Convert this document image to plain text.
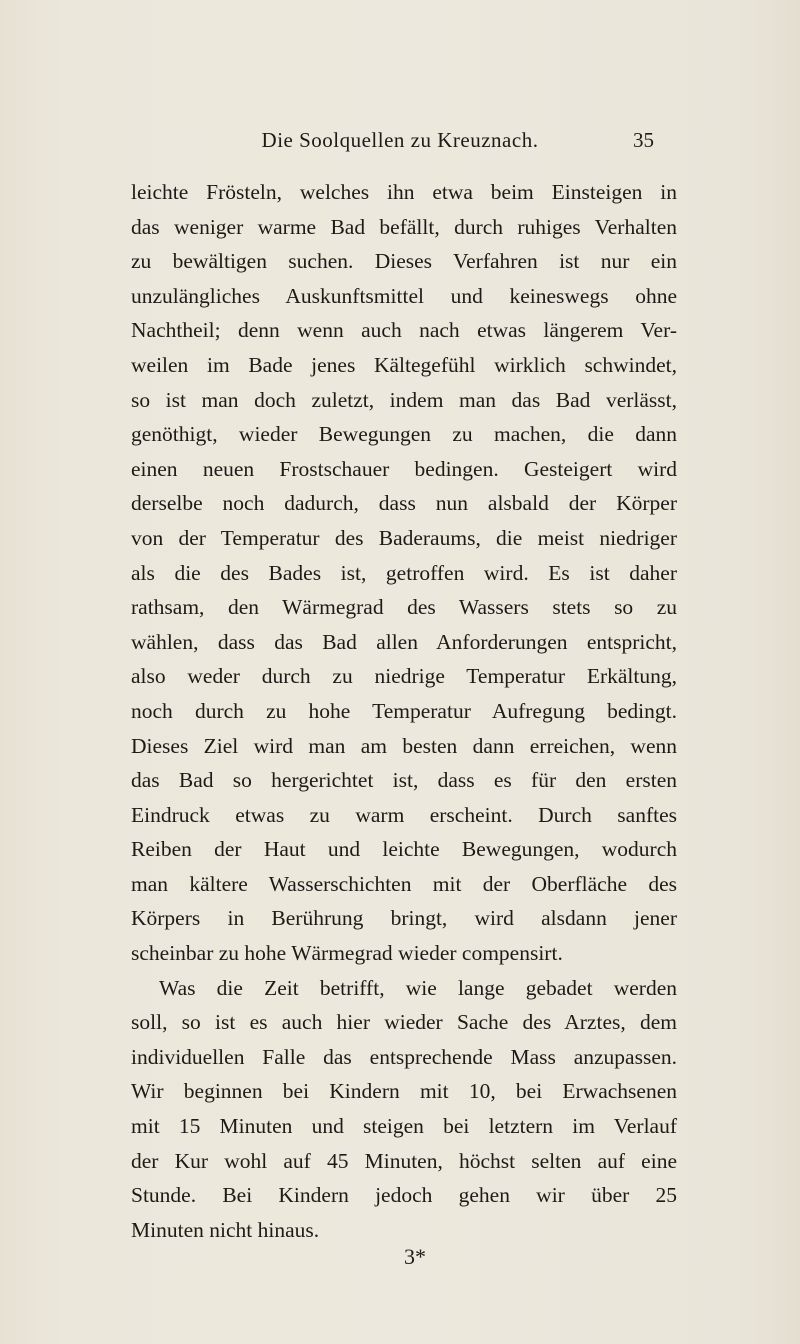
Die Soolquellen zu Kreuznach.	35
leichte Frösteln, welches ihn etwa beim Einsteigen in
das weniger warme Bad befällt, durch ruhiges Verhalten
zu bewältigen suchen. Dieses Verfahren ist nur ein
unzulängliches Auskunftsmittel und keineswegs ohne
Nachtheil; denn wenn auch nach etwas längerem Ver-
weilen im Bade jenes Kältegefühl wirklich schwindet,
so ist man doch zuletzt, indem man das Bad verlässt,
genöthigt, wieder Bewegungen zu machen, die dann
einen neuen Frostschauer bedingen. Gesteigert wird
derselbe noch dadurch, dass nun alsbald der Körper
von der Temperatur des Baderaums, die meist niedriger
als die des Bades ist, getroffen wird. Es ist daher
rathsam, den Wärmegrad des Wassers stets so zu
wählen, dass das Bad allen Anforderungen entspricht,
also weder durch zu niedrige Temperatur Erkältung,
noch durch zu hohe Temperatur Aufregung bedingt.
Dieses Ziel wird man am besten dann erreichen, wenn
das Bad so hergerichtet ist, dass es für den ersten
Eindruck etwas zu warm erscheint. Durch sanftes
Reiben der Haut und leichte Bewegungen, wodurch
man kältere Wasserschichten mit der Oberfläche des
Körpers in Berührung bringt, wird alsdann jener
scheinbar zu hohe Wärmegrad wieder compensirt.
Was die Zeit betrifft, wie lange gebadet werden
soll, so ist es auch hier wieder Sache des Arztes, dem
individuellen Falle das entsprechende Mass anzupassen.
Wir beginnen bei Kindern mit 10, bei Erwachsenen
mit 15 Minuten und steigen bei letztern im Verlauf
der Kur wohl auf 45 Minuten, höchst selten auf eine
Stunde. Bei Kindern jedoch gehen wir über 25
Minuten nicht hinaus.
3*
